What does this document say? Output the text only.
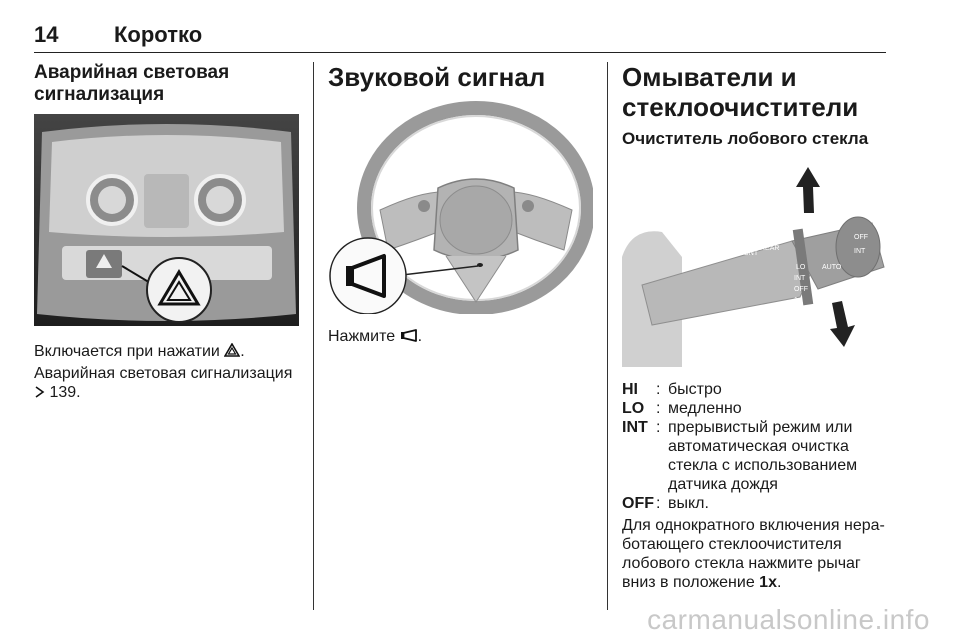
14	Коротко
Аварийная световая сигнализация

Включается при нажатии .

Аварийная световая сигнализация
139.

Звуковой сигнал

Нажмите .

Омыватели и стеклоочистители
Очиститель лобового стекла
FRONT
REAR
LO
INT
OFF
1x
AUTO
OFF
INT
HI	: быстро
LO : медленно
INT : прерывистый режим или автоматическая очистка стекла с использованием датчика дождя
OFF : выкл.

Для однократного включения нера-ботающего стеклоочистителя лобового стекла нажмите рычаг вниз в положение 1x.

carmanualsonline.info
